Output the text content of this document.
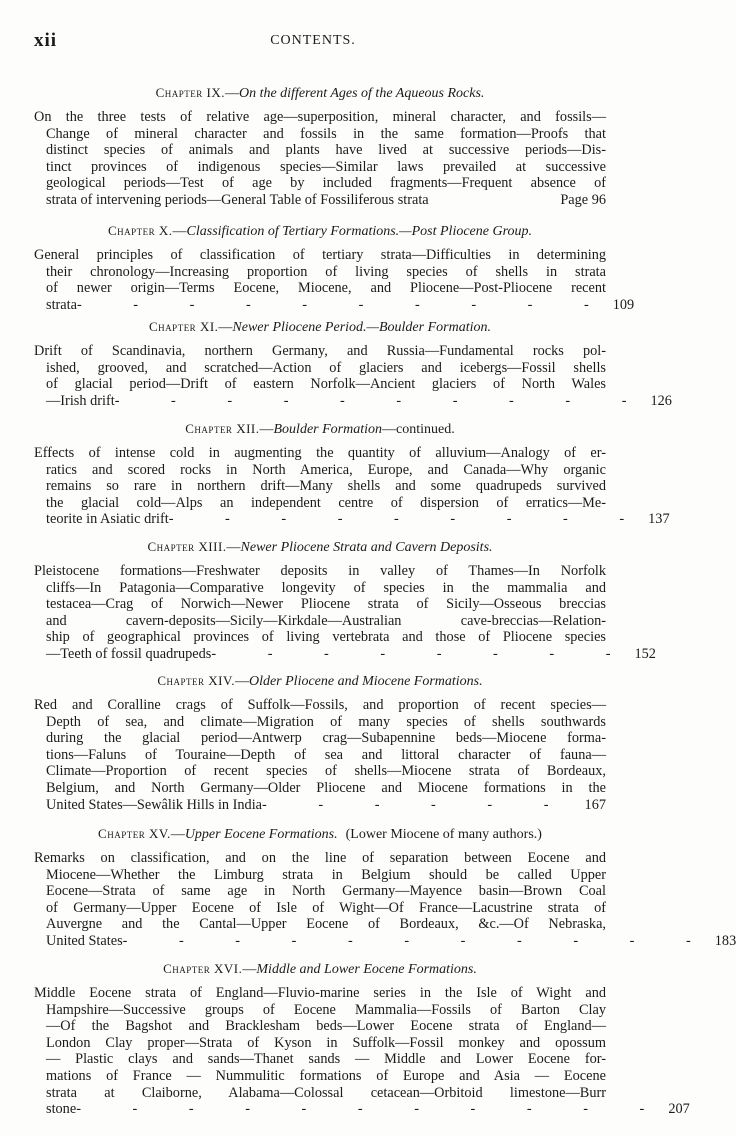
xii	CONTENTS.
Chapter IX.—On the different Ages of the Aqueous Rocks.
On the three tests of relative age—superposition, mineral character, and fossils—
Change of mineral character and fossils in the same formation—Proofs that
distinct species of animals and plants have lived at successive periods—Dis-
tinct provinces of indigenous species—Similar laws prevailed at successive
geological periods—Test of age by included fragments—Frequent absence of
strata of intervening periods—General Table of Fossiliferous strata	Page 96
Chapter X.—Classification of Tertiary Formations.—Post Pliocene Group.
General principles of classification of tertiary strata—Difficulties in determining
their chronology—Increasing proportion of living species of shells in strata
of newer origin—Terms Eocene, Miocene, and Pliocene—Post-Pliocene recent
strata - - - - - - - - - - 109
Chapter XI.—Newer Pliocene Period.—Boulder Formation.
Drift of Scandinavia, northern Germany, and Russia—Fundamental rocks pol-
ished, grooved, and scratched—Action of glaciers and icebergs—Fossil shells
of glacial period—Drift of eastern Norfolk—Ancient glaciers of North Wales
—Irish drift - - - - - - - - - - 126
Chapter XII.—Boulder Formation—continued.
Effects of intense cold in augmenting the quantity of alluvium—Analogy of er-
ratics and scored rocks in North America, Europe, and Canada—Why organic
remains so rare in northern drift—Many shells and some quadrupeds survived
the glacial cold—Alps an independent centre of dispersion of erratics—Me-
teorite in Asiatic drift - - - - - - - - - 137
Chapter XIII.—Newer Pliocene Strata and Cavern Deposits.
Pleistocene formations—Freshwater deposits in valley of Thames—In Norfolk
cliffs—In Patagonia—Comparative longevity of species in the mammalia and
testacea—Crag of Norwich—Newer Pliocene strata of Sicily—Osseous breccias
and cavern-deposits—Sicily—Kirkdale—Australian cave-breccias—Relation-
ship of geographical provinces of living vertebrata and those of Pliocene species
—Teeth of fossil quadrupeds - - - - - - - - 152
Chapter XIV.—Older Pliocene and Miocene Formations.
Red and Coralline crags of Suffolk—Fossils, and proportion of recent species—
Depth of sea, and climate—Migration of many species of shells southwards
during the glacial period—Antwerp crag—Subapennine beds—Miocene forma-
tions—Faluns of Touraine—Depth of sea and littoral character of fauna—
Climate—Proportion of recent species of shells—Miocene strata of Bordeaux,
Belgium, and North Germany—Older Pliocene and Miocene formations in the
United States—Sewâlik Hills in India - - - - - - 167
Chapter XV.—Upper Eocene Formations. (Lower Miocene of many authors.)
Remarks on classification, and on the line of separation between Eocene and
Miocene—Whether the Limburg strata in Belgium should be called Upper
Eocene—Strata of same age in North Germany—Mayence basin—Brown Coal
of Germany—Upper Eocene of Isle of Wight—Of France—Lacustrine strata of
Auvergne and the Cantal—Upper Eocene of Bordeaux, &c.—Of Nebraska,
United States - - - - - - - - - - - 183
Chapter XVI.—Middle and Lower Eocene Formations.
Middle Eocene strata of England—Fluvio-marine series in the Isle of Wight and
Hampshire—Successive groups of Eocene Mammalia—Fossils of Barton Clay
—Of the Bagshot and Bracklesham beds—Lower Eocene strata of England—
London Clay proper—Strata of Kyson in Suffolk—Fossil monkey and opossum
— Plastic clays and sands—Thanet sands — Middle and Lower Eocene for-
mations of France — Nummulitic formations of Europe and Asia — Eocene
strata at Claiborne, Alabama—Colossal cetacean—Orbitoid limestone—Burr
stone - - - - - - - - - - - 207
